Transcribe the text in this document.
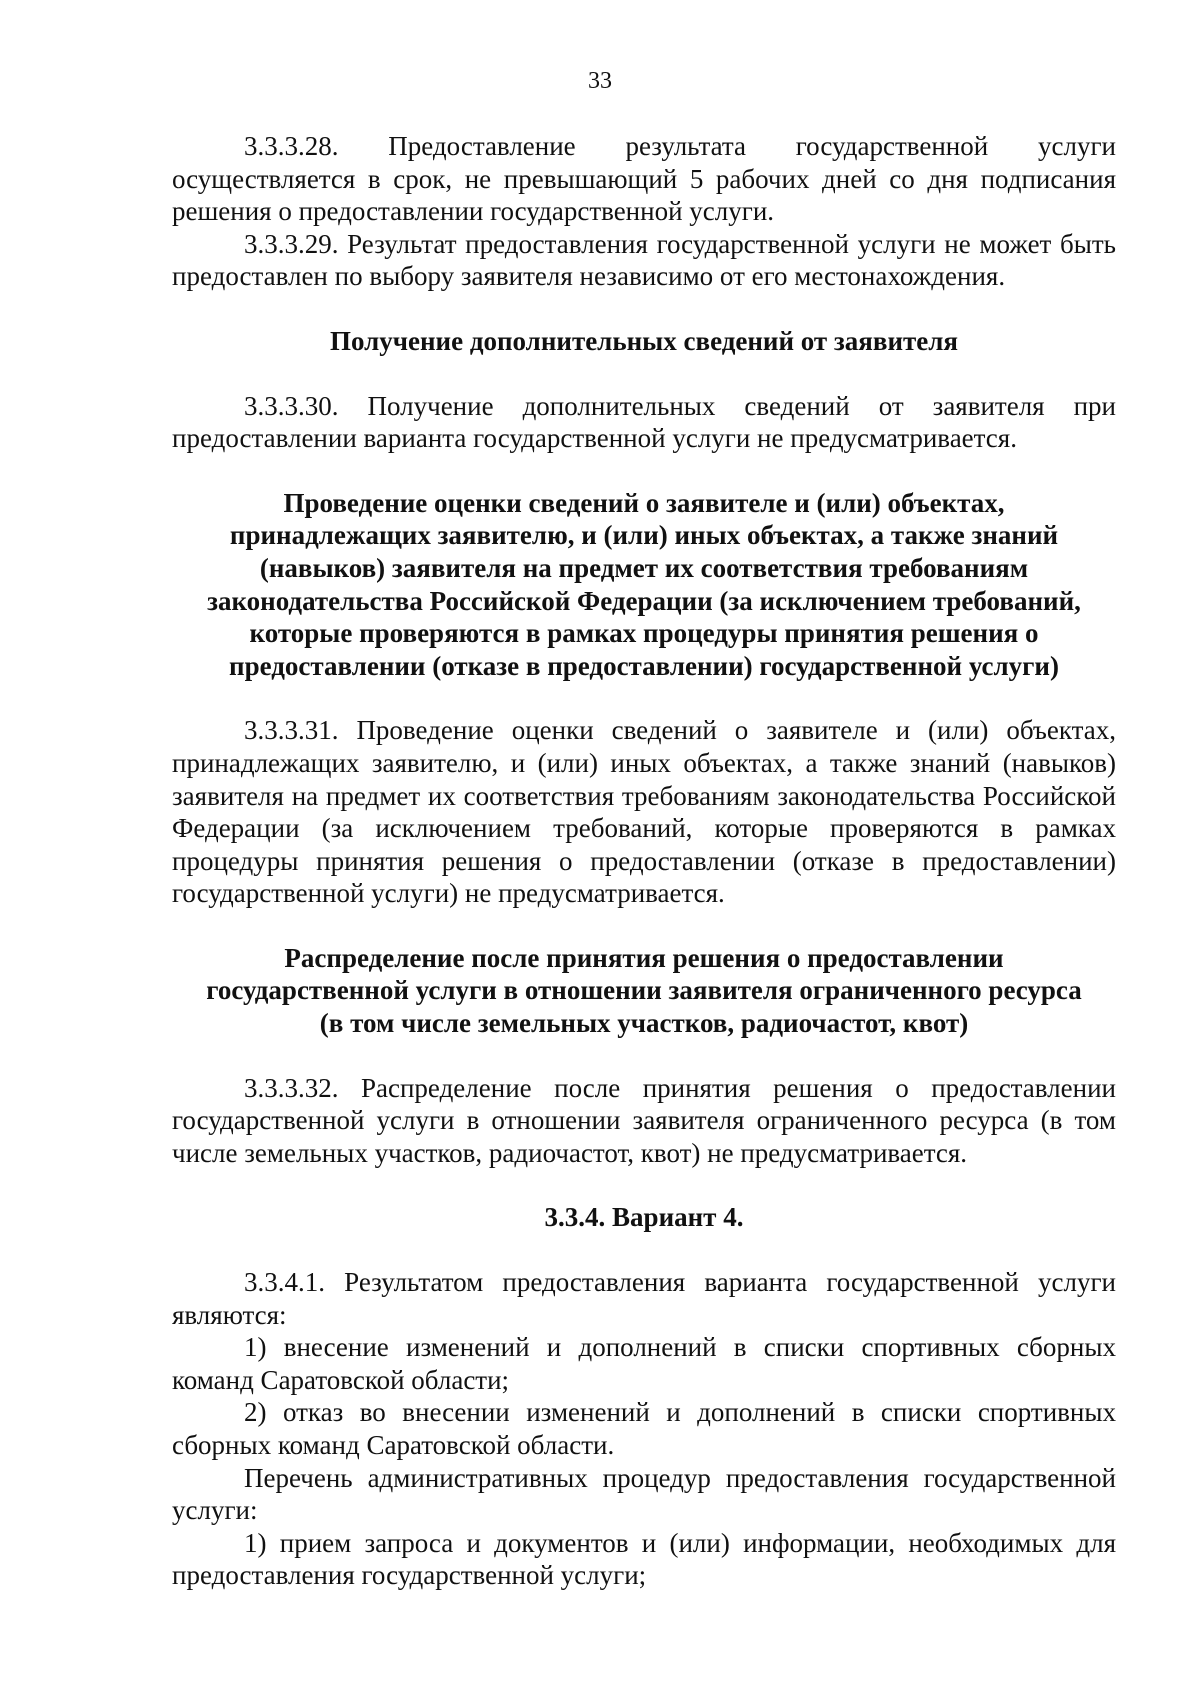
33

3.3.3.28. Предоставление результата государственной услуги осуществляется в срок, не превышающий 5 рабочих дней со дня подписания решения о предоставлении государственной услуги.

3.3.3.29. Результат предоставления государственной услуги не может быть предоставлен по выбору заявителя независимо от его местонахождения.

Получение дополнительных сведений от заявителя

3.3.3.30. Получение дополнительных сведений от заявителя при предоставлении варианта государственной услуги не предусматривается.

Проведение оценки сведений о заявителе и (или) объектах,
принадлежащих заявителю, и (или) иных объектах, а также знаний
(навыков) заявителя на предмет их соответствия требованиям
законодательства Российской Федерации (за исключением требований,
которые проверяются в рамках процедуры принятия решения о
предоставлении (отказе в предоставлении) государственной услуги)

3.3.3.31. Проведение оценки сведений о заявителе и (или) объектах, принадлежащих заявителю, и (или) иных объектах, а также знаний (навыков) заявителя на предмет их соответствия требованиям законодательства Российской Федерации (за исключением требований, которые проверяются в рамках процедуры принятия решения о предоставлении (отказе в предоставлении) государственной услуги) не предусматривается.

Распределение после принятия решения о предоставлении
государственной услуги в отношении заявителя ограниченного ресурса
(в том числе земельных участков, радиочастот, квот)

3.3.3.32. Распределение после принятия решения о предоставлении государственной услуги в отношении заявителя ограниченного ресурса (в том числе земельных участков, радиочастот, квот) не предусматривается.

3.3.4. Вариант 4.

3.3.4.1. Результатом предоставления варианта государственной услуги являются:

1) внесение изменений и дополнений в списки спортивных сборных команд Саратовской области;

2) отказ во внесении изменений и дополнений в списки спортивных сборных команд Саратовской области.

Перечень административных процедур предоставления государственной услуги:

1) прием запроса и документов и (или) информации, необходимых для предоставления государственной услуги;
